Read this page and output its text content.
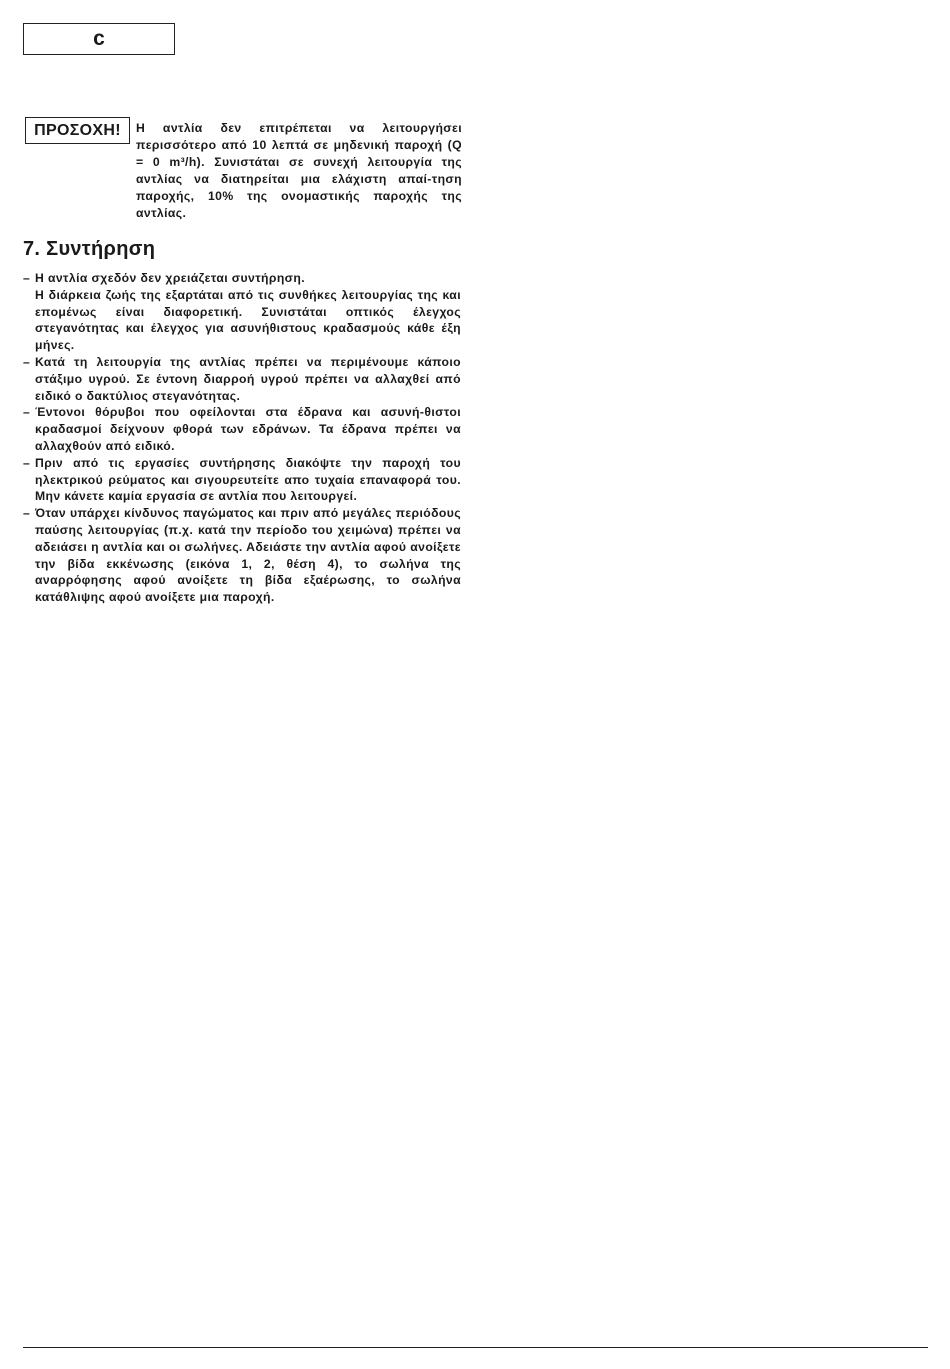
c
ΠΡΟΣΟΧΗ!	Η αντλία δεν επιτρέπεται να λειτουργήσει περισσότερο από 10 λεπτά σε μηδενική παροχή (Q = 0 m³/h). Συνιστάται σε συνεχή λειτουργία της αντλίας να διατηρείται μια ελάχιστη απαί-τηση παροχής, 10% της ονομαστικής παροχής της αντλίας.

7. Συντήρηση
– Η αντλία σχεδόν δεν χρειάζεται συντήρηση.
Η διάρκεια ζωής της εξαρτάται από τις συνθήκες λειτουργίας της και επομένως είναι διαφορετική. Συνιστάται οπτικός έλεγχος στεγανότητας και έλεγχος για ασυνήθιστους κραδασμούς κάθε έξη μήνες.
– Κατά τη λειτουργία της αντλίας πρέπει να περιμένουμε κάποιο στάξιμο υγρού. Σε έντονη διαρροή υγρού πρέπει να αλλαχθεί από ειδικό ο δακτύλιος στεγανότητας.
– Έντονοι θόρυβοι που οφείλονται στα έδρανα και ασυνή-θιστοι κραδασμοί δείχνουν φθορά των εδράνων. Τα έδρανα πρέπει να αλλαχθούν από ειδικό.
– Πριν από τις εργασίες συντήρησης διακόψτε την παροχή του ηλεκτρικού ρεύματος και σιγουρευτείτε απο τυχαία επαναφορά του. Μην κάνετε καμία εργασία σε αντλία που λειτουργεί.
– Όταν υπάρχει κίνδυνος παγώματος και πριν από μεγάλες περιόδους παύσης λειτουργίας (π.χ. κατά την περίοδο του χειμώνα) πρέπει να αδειάσει η αντλία και οι σωλήνες. Αδειάστε την αντλία αφού ανοίξετε την βίδα εκκένωσης (εικόνα 1, 2, θέση 4), το σωλήνα της αναρρόφησης αφού ανοίξετε τη βίδα εξαέρωσης, το σωλήνα κατάθλιψης αφού ανοίξετε μια παροχή.
